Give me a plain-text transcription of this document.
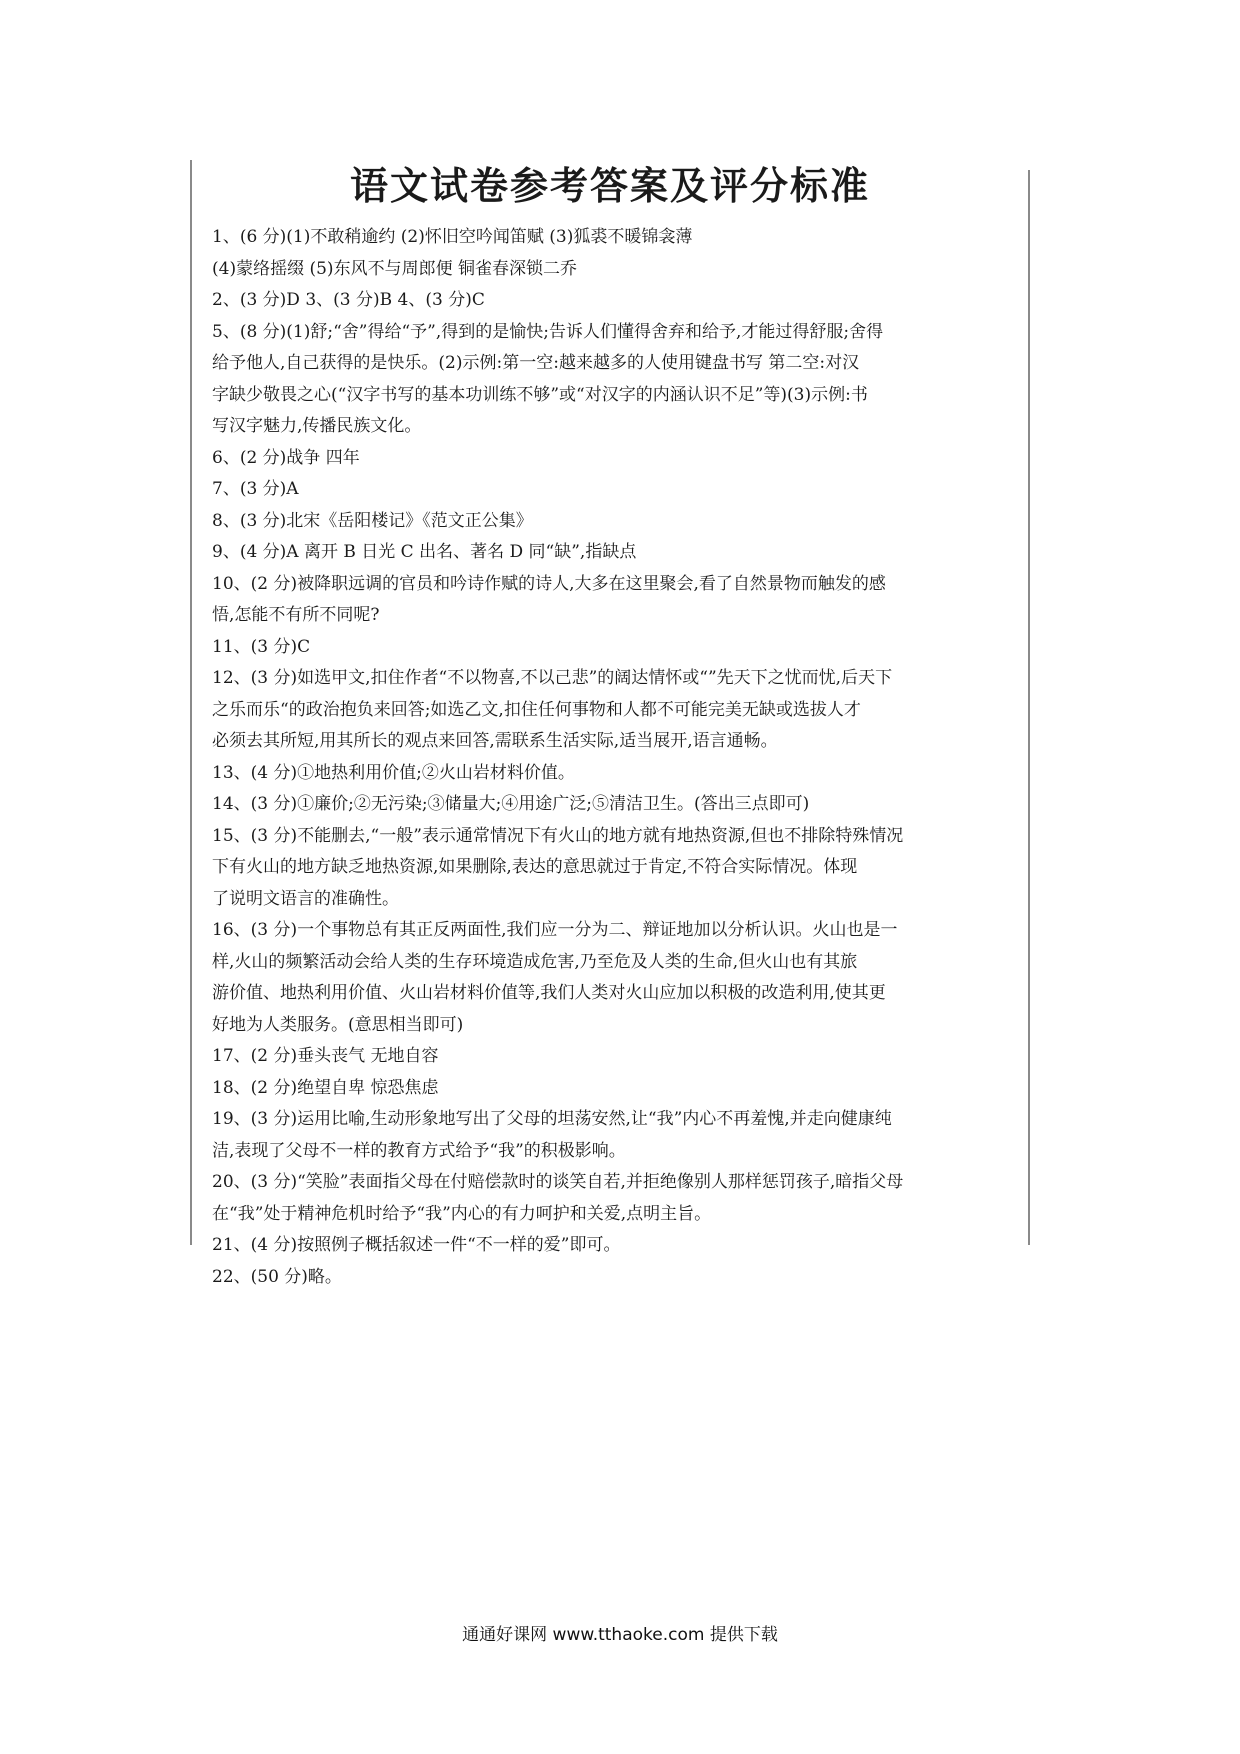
语文试卷参考答案及评分标准
1、(6 分)(1)不敢稍逾约 (2)怀旧空吟闻笛赋 (3)狐裘不暖锦衾薄
(4)蒙络摇缀 (5)东风不与周郎便 铜雀春深锁二乔
2、(3 分)D 3、(3 分)B 4、(3 分)C
5、(8 分)(1)舒;“舍”得给“予”,得到的是愉快;告诉人们懂得舍弃和给予,才能过得舒服;舍得
给予他人,自己获得的是快乐。(2)示例:第一空:越来越多的人使用键盘书写 第二空:对汉
字缺少敬畏之心(“汉字书写的基本功训练不够”或“对汉字的内涵认识不足”等)(3)示例:书
写汉字魅力,传播民族文化。
6、(2 分)战争 四年
7、(3 分)A
8、(3 分)北宋《岳阳楼记》《范文正公集》
9、(4 分)A 离开 B 日光 C 出名、著名 D 同“缺”,指缺点
10、(2 分)被降职远调的官员和吟诗作赋的诗人,大多在这里聚会,看了自然景物而触发的感
悟,怎能不有所不同呢?
11、(3 分)C
12、(3 分)如选甲文,扣住作者“不以物喜,不以己悲”的阔达情怀或“”先天下之忧而忧,后天下
之乐而乐“的政治抱负来回答;如选乙文,扣住任何事物和人都不可能完美无缺或选拔人才
必须去其所短,用其所长的观点来回答,需联系生活实际,适当展开,语言通畅。
13、(4 分)①地热利用价值;②火山岩材料价值。
14、(3 分)①廉价;②无污染;③储量大;④用途广泛;⑤清洁卫生。(答出三点即可)
15、(3 分)不能删去,“一般”表示通常情况下有火山的地方就有地热资源,但也不排除特殊情况
下有火山的地方缺乏地热资源,如果删除,表达的意思就过于肯定,不符合实际情况。体现
了说明文语言的准确性。
16、(3 分)一个事物总有其正反两面性,我们应一分为二、辩证地加以分析认识。火山也是一
样,火山的频繁活动会给人类的生存环境造成危害,乃至危及人类的生命,但火山也有其旅
游价值、地热利用价值、火山岩材料价值等,我们人类对火山应加以积极的改造利用,使其更
好地为人类服务。(意思相当即可)
17、(2 分)垂头丧气 无地自容
18、(2 分)绝望自卑 惊恐焦虑
19、(3 分)运用比喻,生动形象地写出了父母的坦荡安然,让“我”内心不再羞愧,并走向健康纯
洁,表现了父母不一样的教育方式给予“我”的积极影响。
20、(3 分)“笑脸”表面指父母在付赔偿款时的谈笑自若,并拒绝像别人那样惩罚孩子,暗指父母
在“我”处于精神危机时给予“我”内心的有力呵护和关爱,点明主旨。
21、(4 分)按照例子概括叙述一件“不一样的爱”即可。
22、(50 分)略。
通通好课网 www.tthaoke.com 提供下载
